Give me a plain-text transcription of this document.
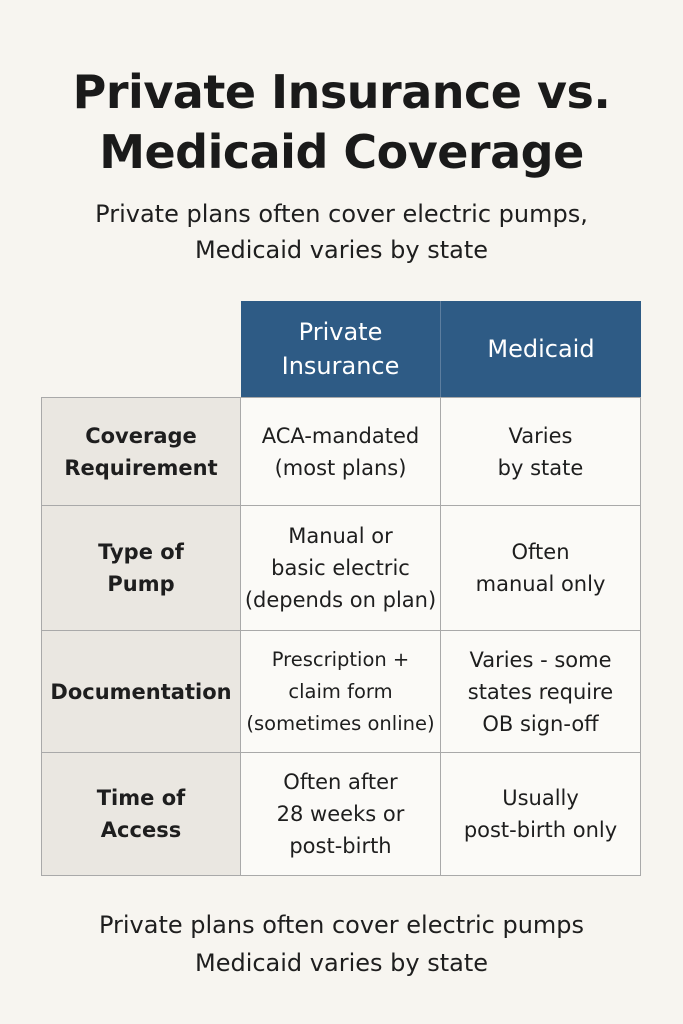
Private Insurance vs.
Medicaid Coverage
Private plans often cover electric pumps,
Medicaid varies by state
Private
Insurance
Medicaid
Coverage
Requirement
ACA-mandated
(most plans)
Varies
by state
Type of
Pump
Manual or
basic electric
(depends on plan)
Often
manual only
Documentation
Prescription +
claim form
(sometimes online)
Varies - some
states require
OB sign-off
Time of
Access
Often after
28 weeks or
post-birth
Usually
post-birth only
Private plans often cover electric pumps
Medicaid varies by state
